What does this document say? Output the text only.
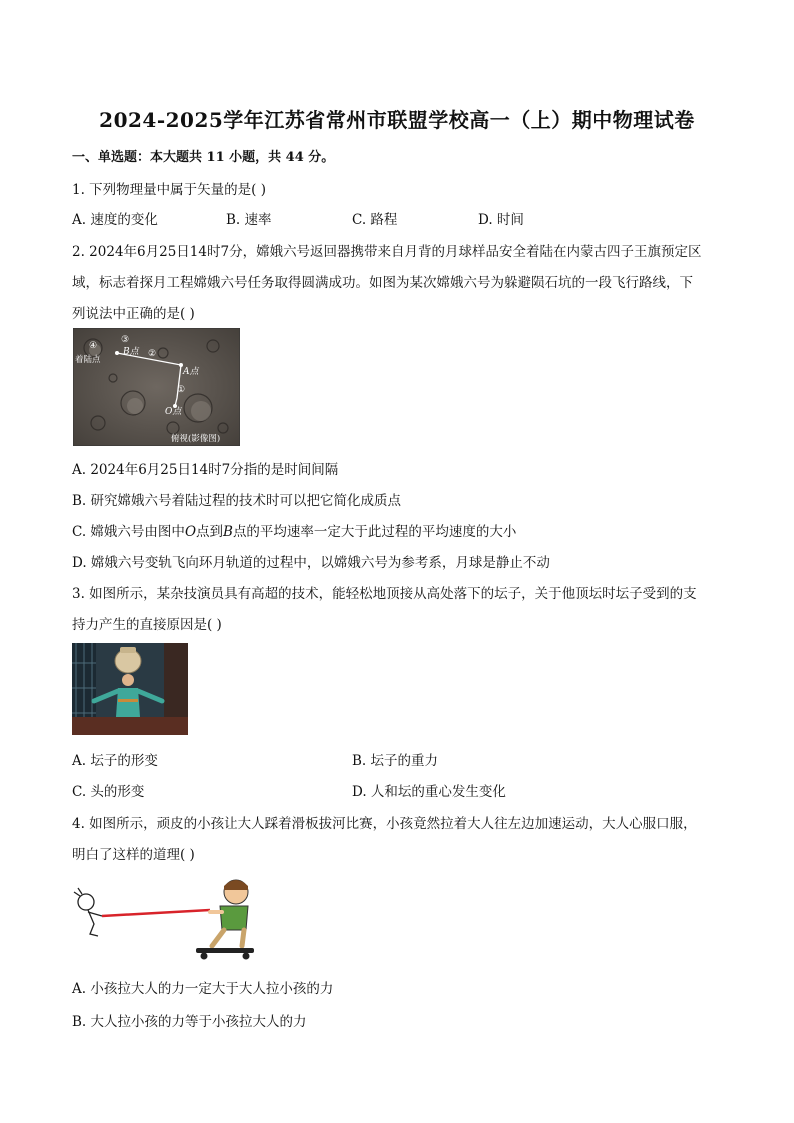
2024-2025学年江苏省常州市联盟学校高一（上）期中物理试卷
一、单选题：本大题共 11 小题，共 44 分。
1. 下列物理量中属于矢量的是( )
A. 速度的变化	B. 速率	C. 路程	D. 时间
2. 2024年6月25日14时7分，嫦娥六号返回器携带来自月背的月球样品安全着陆在内蒙古四子王旗预定区
域，标志着探月工程嫦娥六号任务取得圆满成功。如图为某次嫦娥六号为躲避陨石坑的一段飞行路线，下
列说法中正确的是( )
④
着陆点
③
B点 ②
A点
①
O点
俯视(影像图)
A. 2024年6月25日14时7分指的是时间间隔
B. 研究嫦娥六号着陆过程的技术时可以把它简化成质点
C. 嫦娥六号由图中O点到B点的平均速率一定大于此过程的平均速度的大小
D. 嫦娥六号变轨飞向环月轨道的过程中，以嫦娥六号为参考系，月球是静止不动
3. 如图所示，某杂技演员具有高超的技术，能轻松地顶接从高处落下的坛子，关于他顶坛时坛子受到的支
持力产生的直接原因是( )
A. 坛子的形变	B. 坛子的重力
C. 头的形变	D. 人和坛的重心发生变化
4. 如图所示，顽皮的小孩让大人踩着滑板拔河比赛，小孩竟然拉着大人往左边加速运动，大人心服口服，
明白了这样的道理( )
A. 小孩拉大人的力一定大于大人拉小孩的力
B. 大人拉小孩的力等于小孩拉大人的力
